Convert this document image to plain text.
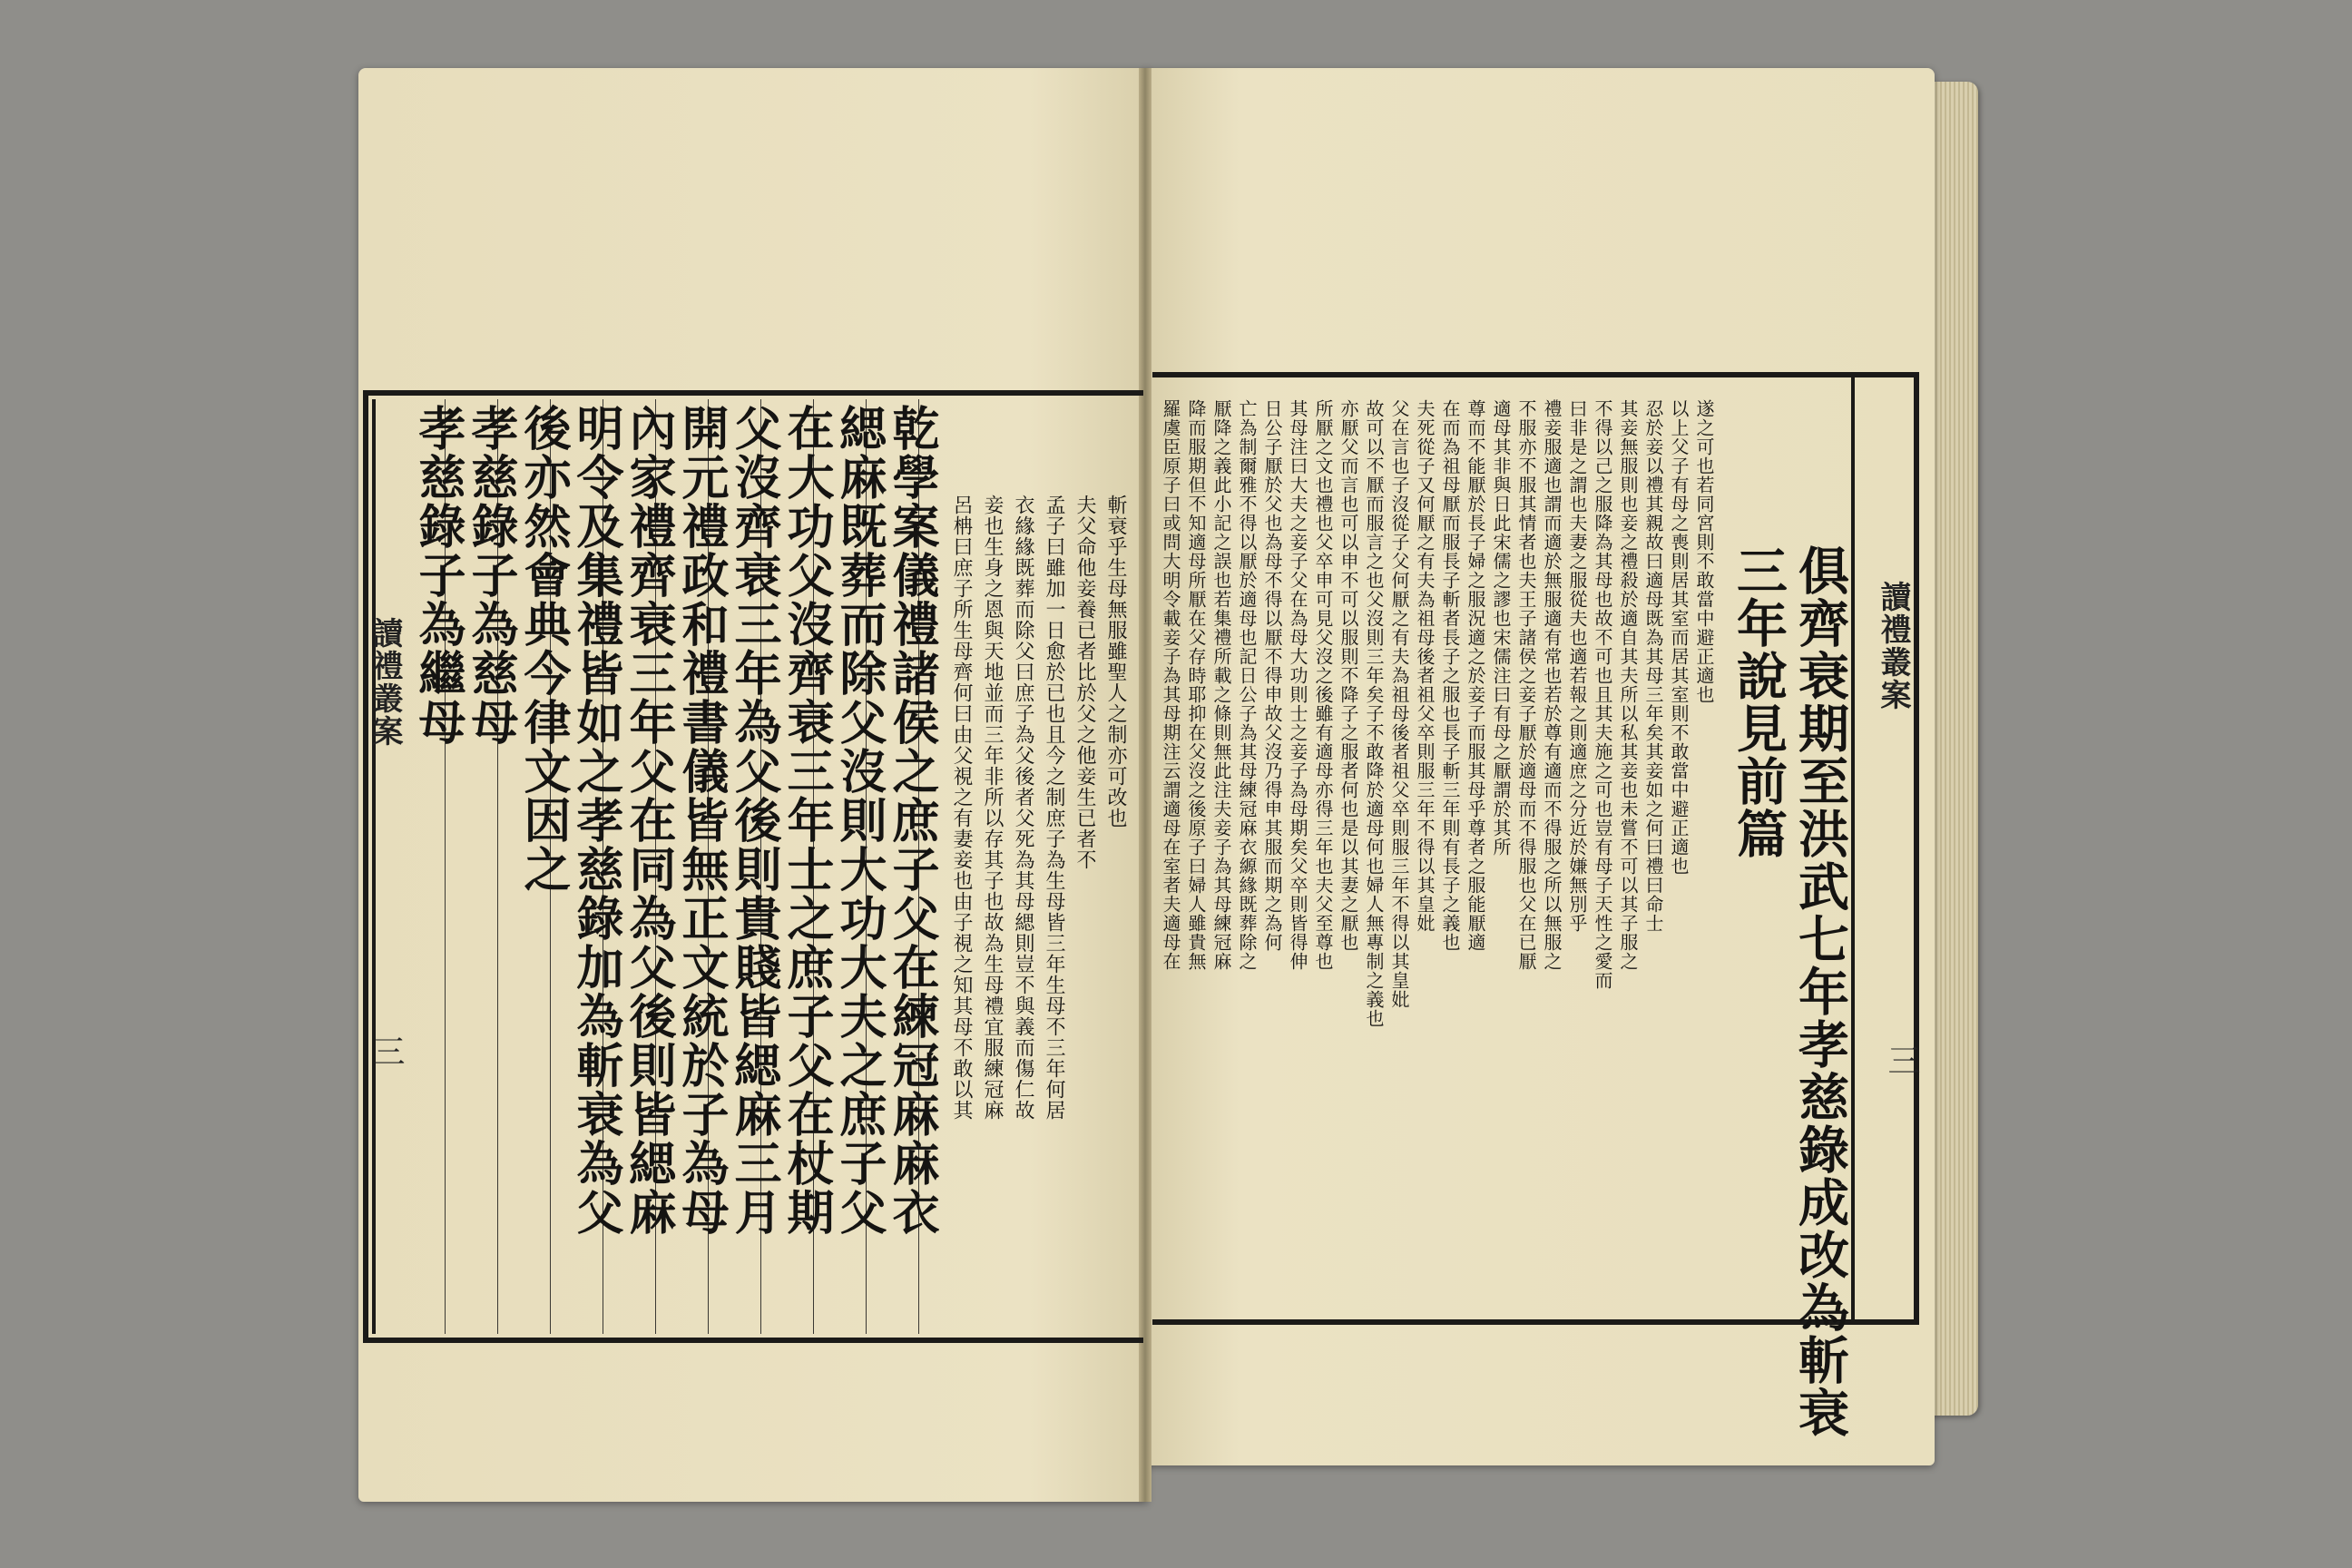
讀禮叢案
三
孝慈錄子為繼母
孝慈錄子為慈母
後亦然會典今律文因之
明令及集禮皆如之孝慈錄加為斬衰為父
內家禮齊衰三年父在同為父後則皆緦麻
開元禮政和禮書儀皆無正文統於子為母
父沒齊衰三年為父後則貴賤皆緦麻三月
在大功父沒齊衰三年士之庶子父在杖期
緦麻既葬而除父沒則大功大夫之庶子父
乾學案儀禮諸侯之庶子父在練冠麻麻衣 呂柟曰庶子所生母齊何曰由父視之有妻妾也由子視之知其母不敢以其 妾也生身之恩與天地並而三年非所以存其子也故為生母禮宜服練冠麻 衣緣緣既葬而除父曰庶子為父後者父死為其母緦則豈不與義而傷仁故 孟子曰雖加一日愈於已也且今之制庶子為生母皆三年生母不三年何居 夫父命他妾養已者比於父之他妾生已者不 斬衰乎生母無服雖聖人之制亦可改也	讀禮叢案
三
三年說見前篇 俱齊衰期至洪武七年孝慈錄成改為斬衰
羅虞臣原子曰或問大明令載妾子為其母期注云謂適母在室者夫適母在 降而服期但不知適母所厭在父存時耶抑在父沒之後原子曰婦人雖貴無 厭降之義此小記之誤也若集禮所載之條則無此注夫妾子為其母練冠麻 亡為制爾雅不得以厭於適母也記日公子為其母練冠麻衣縓緣既葬除之 日公子厭於父也為母不得以厭不得申故父沒乃得申其服而期之為何 其母注曰大夫之妾子父在為母大功則士之妾子為母期矣父卒則皆得伸 所厭之文也禮也父卒申可見父沒之後雖有適母亦得三年也夫父至尊也 亦厭父而言也可以申不可以服則不降子之服者何也是以其妻之厭也 故可以不厭而服言之也父沒則三年矣子不敢降於適母何也婦人無專制之義也 父在言也子沒從子父何厭之有夫為祖母後者祖父卒則服三年不得以其皇妣 夫死從子又何厭之有夫為祖母後者祖父卒則服三年不得以其皇妣 在而為祖母厭而服長子斬者長子之服也長子斬三年則有長子之義也 尊而不能厭於長子婦之服況適之於妾子而服其母乎尊者之服能厭適 適母其非與日此宋儒之謬也宋儒注曰有母之厭謂於其所 不服亦不服其情者也夫王子諸侯之妾子厭於適母而不得服也父在已厭 禮妾服適也謂而適於無服適有常也若於尊有適而不得服之所以無服之 曰非是之謂也夫妻之服從夫也適若報之則適庶之分近於嫌無別乎 不得以己之服降為其母也故不可也且其夫施之可也豈有母子天性之愛而 其妾無服則也妾之禮殺於適自其夫所以私其妾也未嘗不可以其子服之 忍於妾以禮其親故曰適母既為其母三年矣其妾如之何曰禮曰命士 以上父子有母之喪則居其室而居其室則不敢當中避正適也 遂之可也若同宮則不敢當中避正適也
